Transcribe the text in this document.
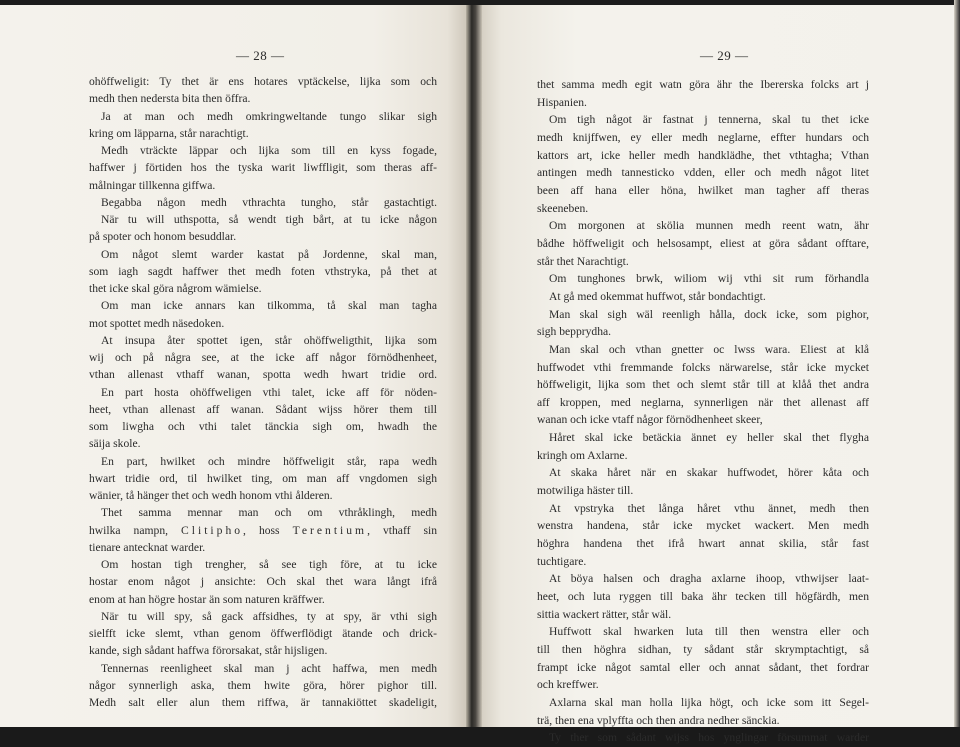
— 28 —
ohöffweligit: Ty thet är ens hotares vptäckelse, lijka som och
medh then nedersta bita then öffra.
Ja at man och medh omkringweltande tungo slikar sigh
kring om läpparna, står narachtigt.
Medh vträckte läppar och lijka som till en kyss fogade,
haffwer j förtiden hos the tyska warit liwffligit, som theras aff-
målningar tillkenna giffwa.
Begabba någon medh vthrachta tungho, står gastachtigt.
När tu will uthspotta, så wendt tigh bårt, at tu icke någon
på spoter och honom besuddlar.
Om något slemt warder kastat på Jordenne, skal man,
som iagh sagdt haffwer thet medh foten vthstryka, på thet at
thet icke skal göra någrom wämielse.
Om man icke annars kan tilkomma, tå skal man tagha
mot spottet medh näsedoken.
At insupa åter spottet igen, står ohöffweligthit, lijka som
wij och på några see, at the icke aff någor förnödhenheet,
vthan allenast vthaff wanan, spotta wedh hwart tridie ord.
En part hosta ohöffweligen vthi talet, icke aff för nöden-
heet, vthan allenast aff wanan. Sådant wijss hörer them till
som liwgha och vthi talet tänckia sigh om, hwadh the
säija skole.
En part, hwilket och mindre höffweligit står, rapa wedh
hwart tridie ord, til hwilket ting, om man aff vngdomen sigh
wänier, tå hänger thet och wedh honom vthi ålderen.
Thet samma mennar man och om vthråklingh, medh
hwilka nampn, Clitipho, hoss Terentium, vthaff sin
tienare antecknat warder.
Om hostan tigh trengher, så see tigh före, at tu icke
hostar enom något j ansichte: Och skal thet wara långt ifrå
enom at han högre hostar än som naturen kräffwer.
När tu will spy, så gack affsidhes, ty at spy, är vthi sigh
sielfft icke slemt, vthan genom öffwerflödigt ätande och drick-
kande, sigh sådant haffwa förorsakat, står hijsligen.
Tennernas reenligheet skal man j acht haffwa, men medh
någor synnerligh aska, them hwite göra, hörer pighor till.
Medh salt eller alun them riffwa, är tannakiöttet skadeligit,
— 29 —
thet samma medh egit watn göra ähr the Ibererska folcks art j
Hispanien.
Om tigh något är fastnat j tennerna, skal tu thet icke
medh knijffwen, ey eller medh neglarne, effter hundars och
kattors art, icke heller medh handklädhe, thet vthtagha; Vthan
antingen medh tannesticko vdden, eller och medh något litet
been aff hana eller höna, hwilket man tagher aff theras
skeeneben.
Om morgonen at skölia munnen medh reent watn, ähr
bådhe höffweligit och helsosampt, eliest at göra sådant offtare,
står thet Narachtigt.
Om tunghones brwk, wiliom wij vthi sit rum förhandla
At gå med okemmat huffwot, står bondachtigt.
Man skal sigh wäl reenligh hålla, dock icke, som pighor,
sigh bepprydha.
Man skal och vthan gnetter oc lwss wara. Eliest at klå
huffwodet vthi fremmande folcks närwarelse, står icke mycket
höffweligit, lijka som thet och slemt står till at klåå thet andra
aff kroppen, med neglarna, synnerligen när thet allenast aff
wanan och icke vtaff någor förnödhenheet skeer,
Håret skal icke betäckia ännet ey heller skal thet flygha
kringh om Axlarne.
At skaka håret när en skakar huffwodet, hörer kåta och
motwiliga häster till.
At vpstryka thet långa håret vthu ännet, medh then
wenstra handena, står icke mycket wackert. Men medh
höghra handena thet ifrå hwart annat skilia, står fast
tuchtigare.
At böya halsen och dragha axlarne ihoop, vthwijser laat-
heet, och luta ryggen till baka ähr tecken till högfärdh, men
sittia wackert rätter, står wäl.
Huffwott skal hwarken luta till then wenstra eller och
till then höghra sidhan, ty sådant står skrymptachtigt, så
frampt icke något samtal eller och annat sådant, thet fordrar
och kreffwer.
Axlarna skal man holla lijka högt, och icke som itt Segel-
trä, then ena vplyffta och then andra nedher sänckia.
Ty ther som sådant wijss hos ynglingar försummat warder
